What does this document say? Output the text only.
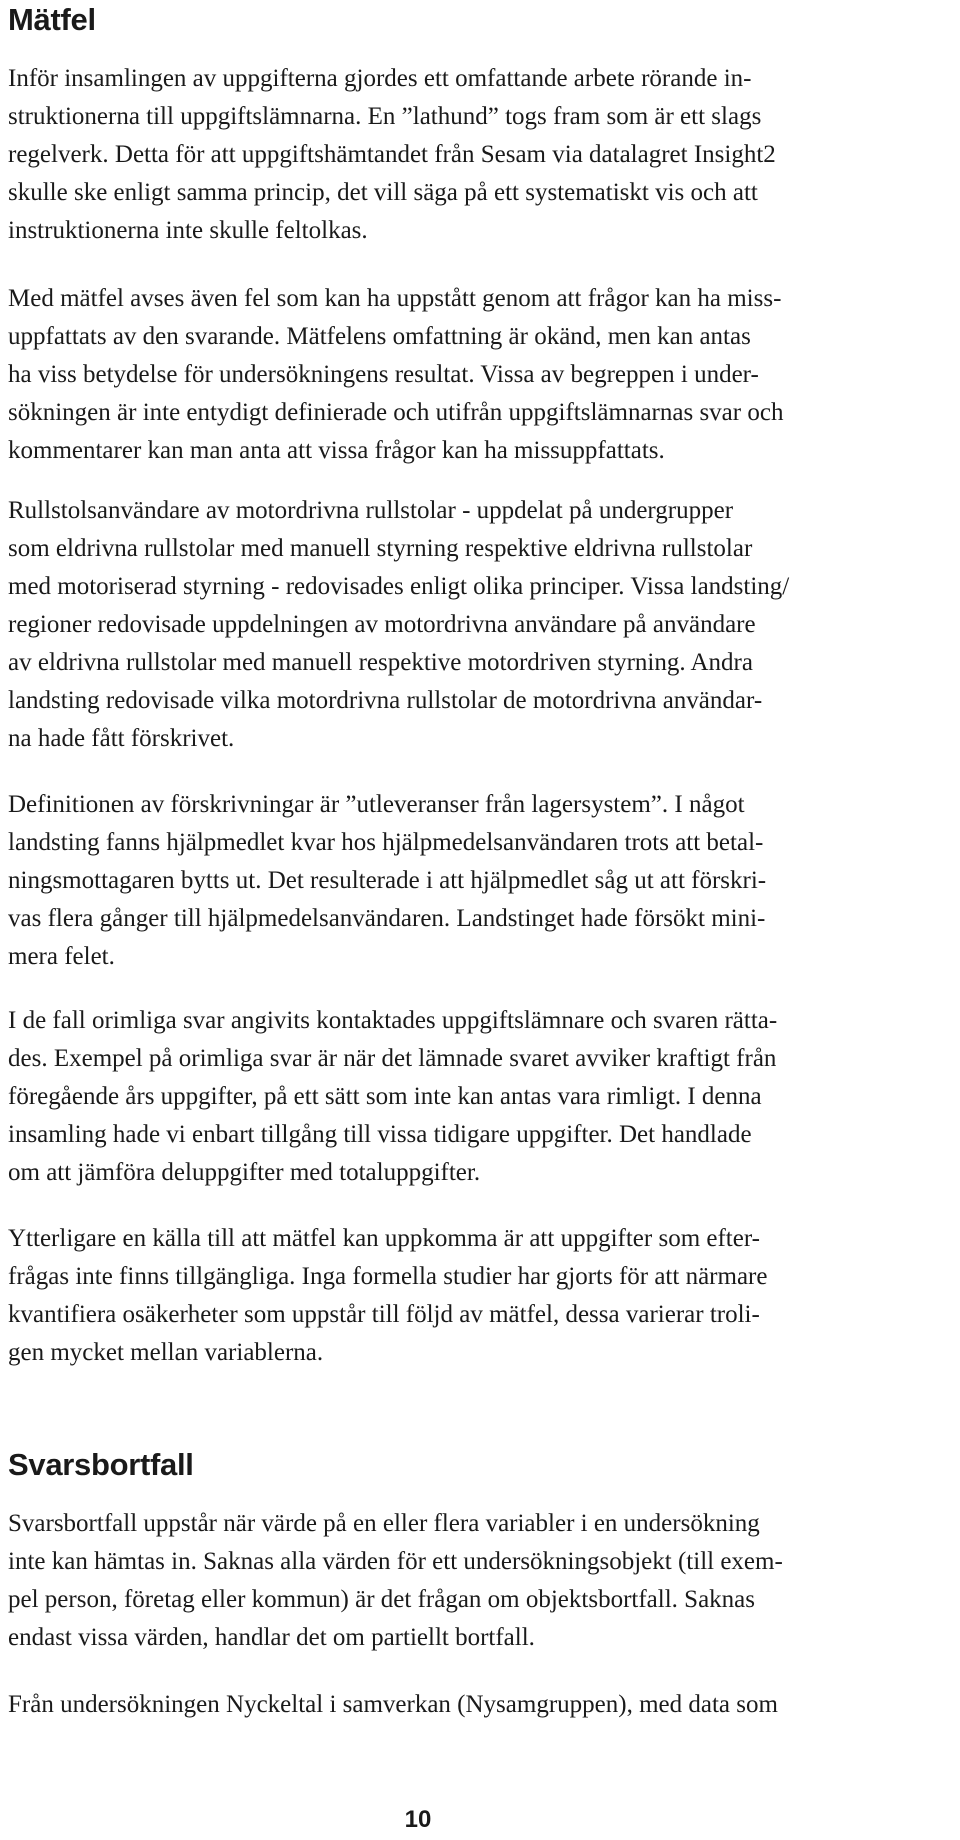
Mätfel

Inför insamlingen av uppgifterna gjordes ett omfattande arbete rörande in-
struktionerna till uppgiftslämnarna. En ”lathund” togs fram som är ett slags
regelverk. Detta för att uppgiftshämtandet från Sesam via datalagret Insight2
skulle ske enligt samma princip, det vill säga på ett systematiskt vis och att
instruktionerna inte skulle feltolkas.

Med mätfel avses även fel som kan ha uppstått genom att frågor kan ha miss-
uppfattats av den svarande. Mätfelens omfattning är okänd, men kan antas
ha viss betydelse för undersökningens resultat. Vissa av begreppen i under-
sökningen är inte entydigt definierade och utifrån uppgiftslämnarnas svar och
kommentarer kan man anta att vissa frågor kan ha missuppfattats.

Rullstolsanvändare av motordrivna rullstolar - uppdelat på undergrupper
som eldrivna rullstolar med manuell styrning respektive eldrivna rullstolar
med motoriserad styrning - redovisades enligt olika principer. Vissa landsting/
regioner redovisade uppdelningen av motordrivna användare på användare
av eldrivna rullstolar med manuell respektive motordriven styrning. Andra
landsting redovisade vilka motordrivna rullstolar de motordrivna användar-
na hade fått förskrivet.

Definitionen av förskrivningar är ”utleveranser från lagersystem”. I något
landsting fanns hjälpmedlet kvar hos hjälpmedelsanvändaren trots att betal-
ningsmottagaren bytts ut. Det resulterade i att hjälpmedlet såg ut att förskri-
vas flera gånger till hjälpmedelsanvändaren. Landstinget hade försökt mini-
mera felet.

I de fall orimliga svar angivits kontaktades uppgiftslämnare och svaren rätta-
des. Exempel på orimliga svar är när det lämnade svaret avviker kraftigt från
föregående års uppgifter, på ett sätt som inte kan antas vara rimligt. I denna
insamling hade vi enbart tillgång till vissa tidigare uppgifter. Det handlade
om att jämföra deluppgifter med totaluppgifter.

Ytterligare en källa till att mätfel kan uppkomma är att uppgifter som efter-
frågas inte finns tillgängliga. Inga formella studier har gjorts för att närmare
kvantifiera osäkerheter som uppstår till följd av mätfel, dessa varierar troli-
gen mycket mellan variablerna.

Svarsbortfall

Svarsbortfall uppstår när värde på en eller flera variabler i en undersökning
inte kan hämtas in. Saknas alla värden för ett undersökningsobjekt (till exem-
pel person, företag eller kommun) är det frågan om objektsbortfall. Saknas
endast vissa värden, handlar det om partiellt bortfall.

Från undersökningen Nyckeltal i samverkan (Nysamgruppen), med data som

10
